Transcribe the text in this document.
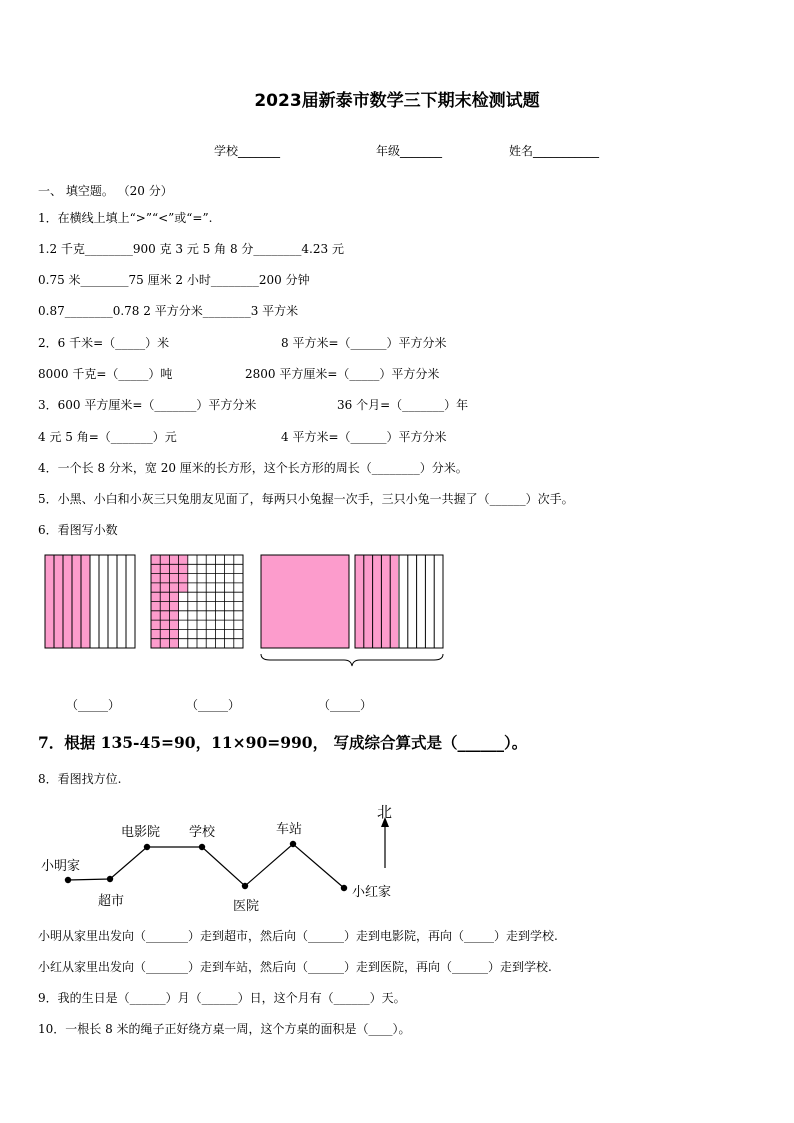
2023届新泰市数学三下期末检测试题
学校_______	年级_______	姓名___________
一、 填空题。 （20 分）
1．在横线上填上“>”“<”或“=”.
1.2 千克________900 克 3 元 5 角 8 分________4.23 元
0.75 米________75 厘米 2 小时________200 分钟
0.87________0.78 2 平方分米________3 平方米
2．6 千米=（_____）米	8 平方米=（______）平方分米
8000 千克=（_____）吨	2800 平方厘米=（_____）平方分米
3．600 平方厘米=（_______）平方分米	36 个月=（_______）年
4 元 5 角=（_______）元	4 平方米=（______）平方分米
4．一个长 8 分米，宽 20 厘米的长方形，这个长方形的周长（________）分米。
5．小黑、小白和小灰三只兔朋友见面了，每两只小兔握一次手，三只小兔一共握了（______）次手。
6．看图写小数
（_____）	（_____）	（_____）
7．根据 135-45=90，11×90=990， 写成综合算式是（______）。
8．看图找方位.
小明家
超市
电影院 学校
医院
车站
小红家
北
小明从家里出发向（_______）走到超市，然后向（______）走到电影院，再向（_____）走到学校.
小红从家里出发向（_______）走到车站，然后向（______）走到医院，再向（______）走到学校.
9．我的生日是（______）月（______）日，这个月有（______）天。
10．一根长 8 米的绳子正好绕方桌一周，这个方桌的面积是（____）。
